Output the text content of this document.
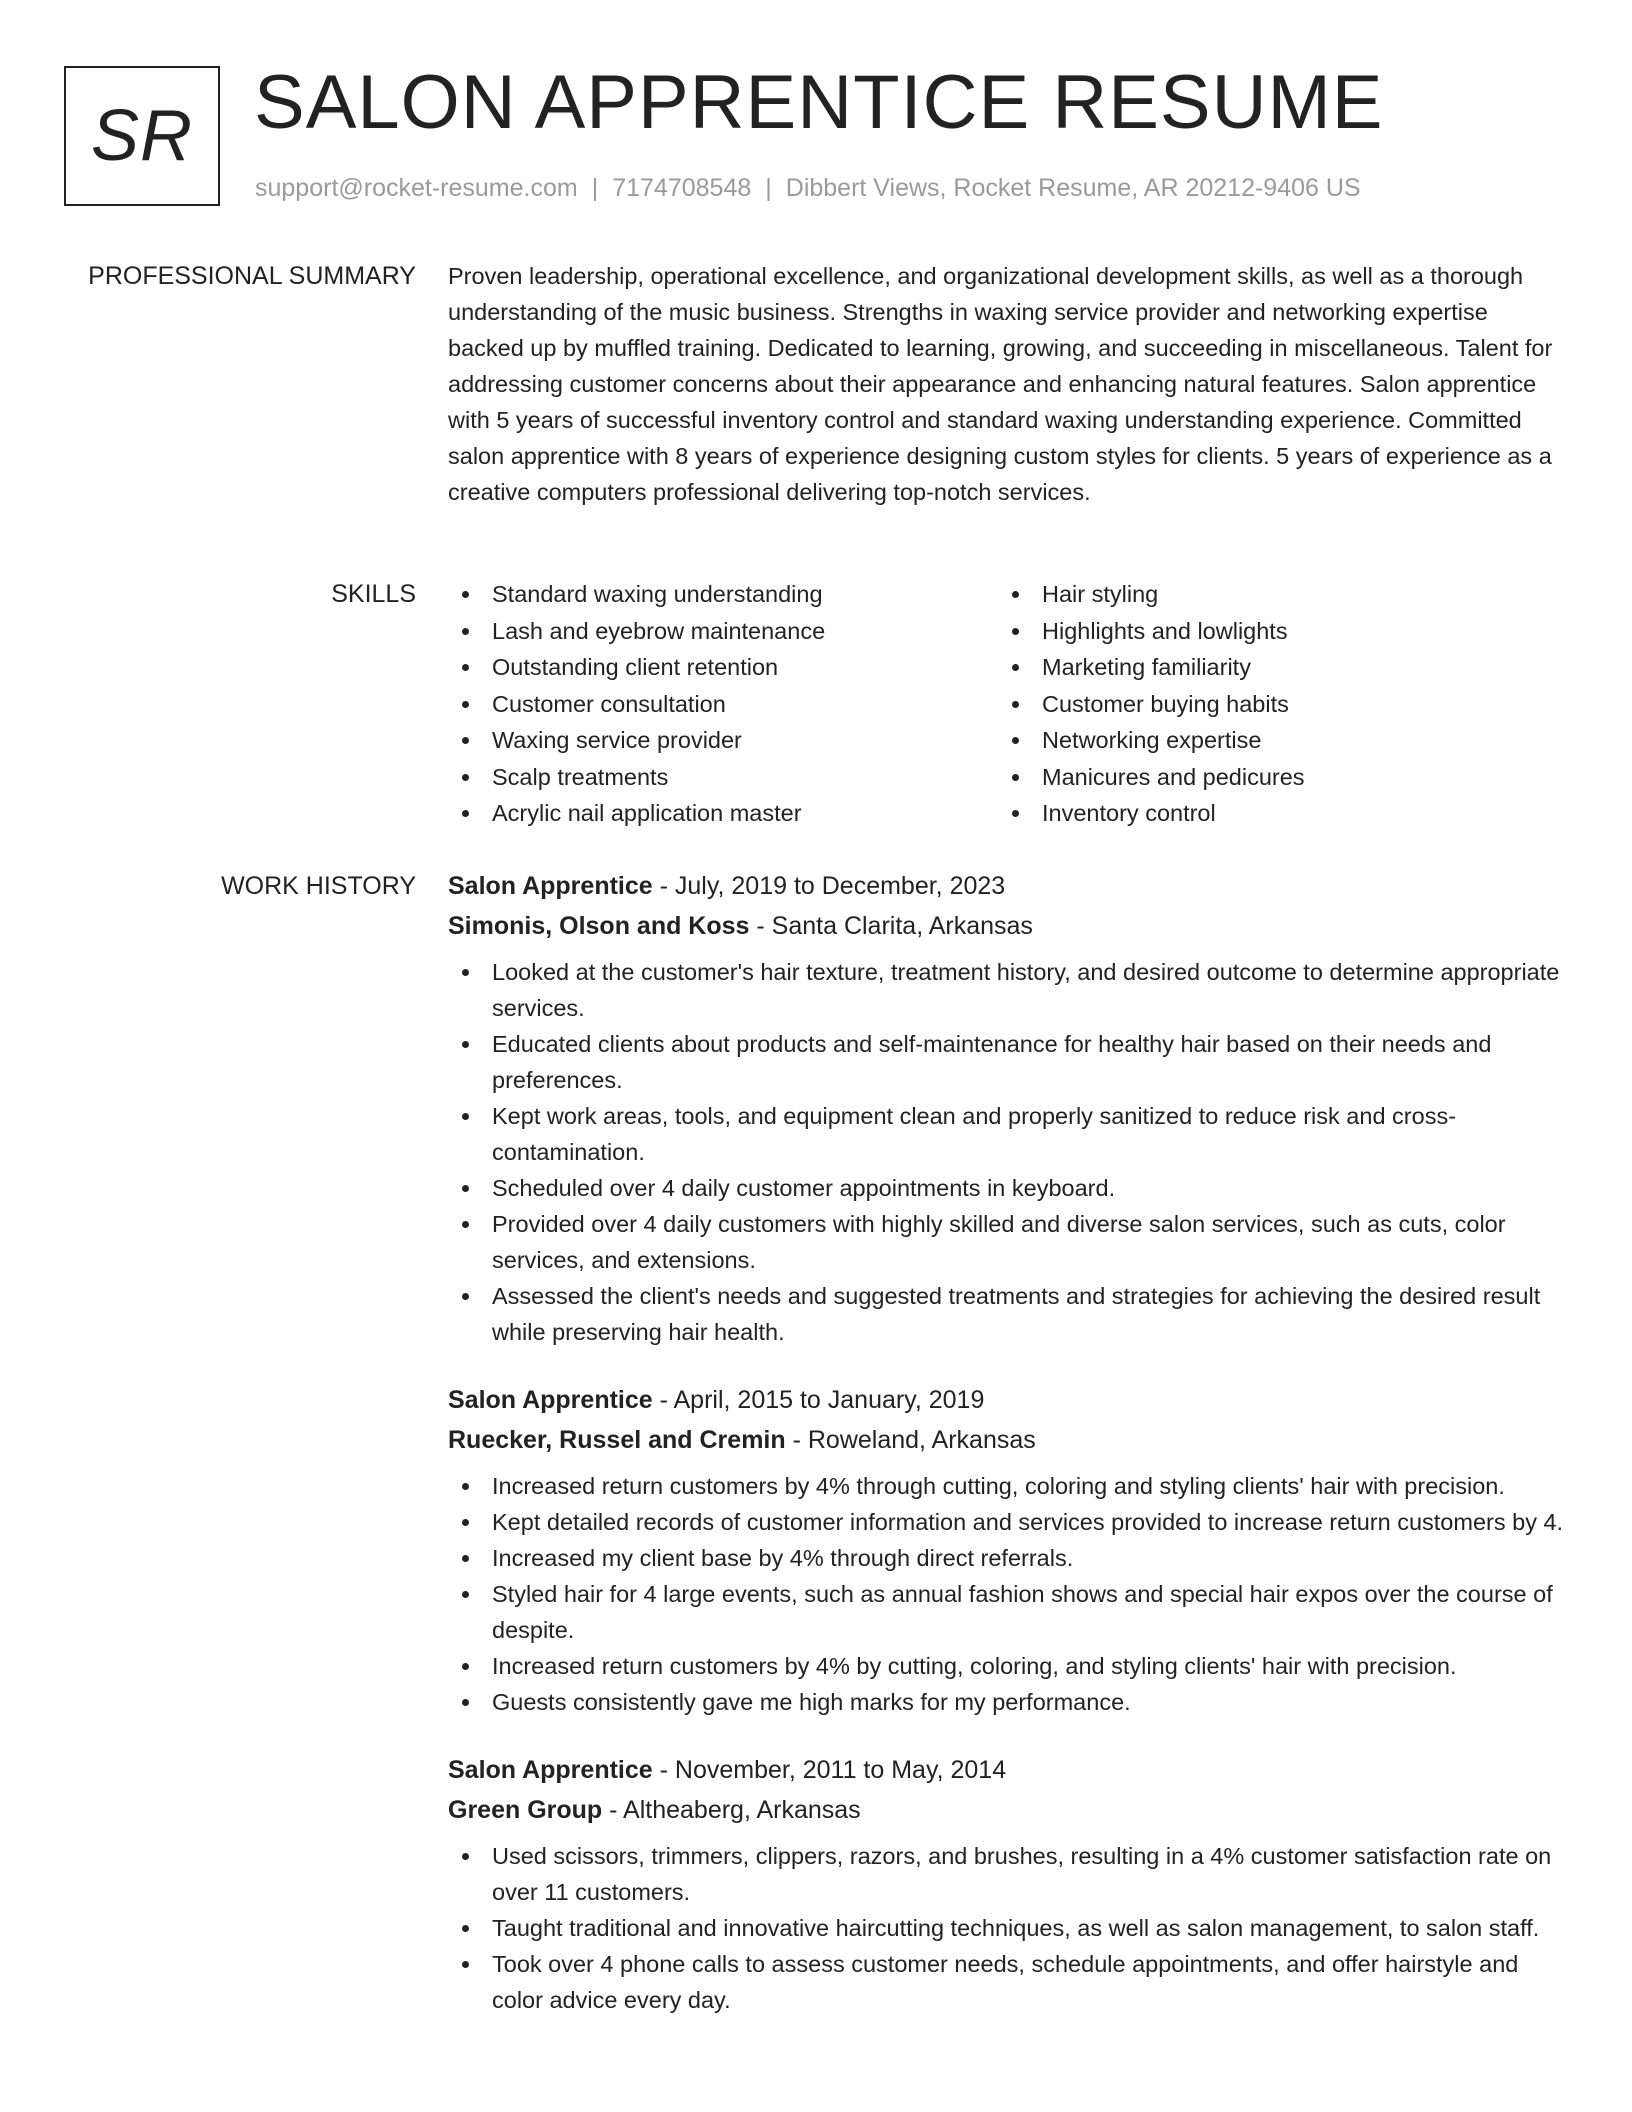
SR SALON APPRENTICE RESUME
support@rocket-resume.com | 7174708548 | Dibbert Views, Rocket Resume, AR 20212-9406 US
PROFESSIONAL SUMMARY Proven leadership, operational excellence, and organizational development skills, as well as a thorough understanding of the music business. Strengths in waxing service provider and networking expertise backed up by muffled training. Dedicated to learning, growing, and succeeding in miscellaneous. Talent for addressing customer concerns about their appearance and enhancing natural features. Salon apprentice with 5 years of successful inventory control and standard waxing understanding experience. Committed salon apprentice with 8 years of experience designing custom styles for clients. 5 years of experience as a creative computers professional delivering top-notch services.

SKILLS	Standard waxing understanding
Lash and eyebrow maintenance
Outstanding client retention
Customer consultation
Waxing service provider
Scalp treatments
Acrylic nail application master
Hair styling
Highlights and lowlights
Marketing familiarity
Customer buying habits
Networking expertise
Manicures and pedicures
Inventory control
WORK HISTORY Salon Apprentice - July, 2019 to December, 2023
Simonis, Olson and Koss - Santa Clarita, Arkansas
Looked at the customer's hair texture, treatment history, and desired outcome to determine appropriate services.
Educated clients about products and self-maintenance for healthy hair based on their needs and preferences.
Kept work areas, tools, and equipment clean and properly sanitized to reduce risk and cross-contamination.
Scheduled over 4 daily customer appointments in keyboard.
Provided over 4 daily customers with highly skilled and diverse salon services, such as cuts, color services, and extensions.
Assessed the client's needs and suggested treatments and strategies for achieving the desired result while preserving hair health.
Salon Apprentice - April, 2015 to January, 2019
Ruecker, Russel and Cremin - Roweland, Arkansas
Increased return customers by 4% through cutting, coloring and styling clients' hair with precision.
Kept detailed records of customer information and services provided to increase return customers by 4.
Increased my client base by 4% through direct referrals.
Styled hair for 4 large events, such as annual fashion shows and special hair expos over the course of despite.
Increased return customers by 4% by cutting, coloring, and styling clients' hair with precision.
Guests consistently gave me high marks for my performance.
Salon Apprentice - November, 2011 to May, 2014
Green Group - Altheaberg, Arkansas
Used scissors, trimmers, clippers, razors, and brushes, resulting in a 4% customer satisfaction rate on over 11 customers.
Taught traditional and innovative haircutting techniques, as well as salon management, to salon staff.
Took over 4 phone calls to assess customer needs, schedule appointments, and offer hairstyle and color advice every day.
